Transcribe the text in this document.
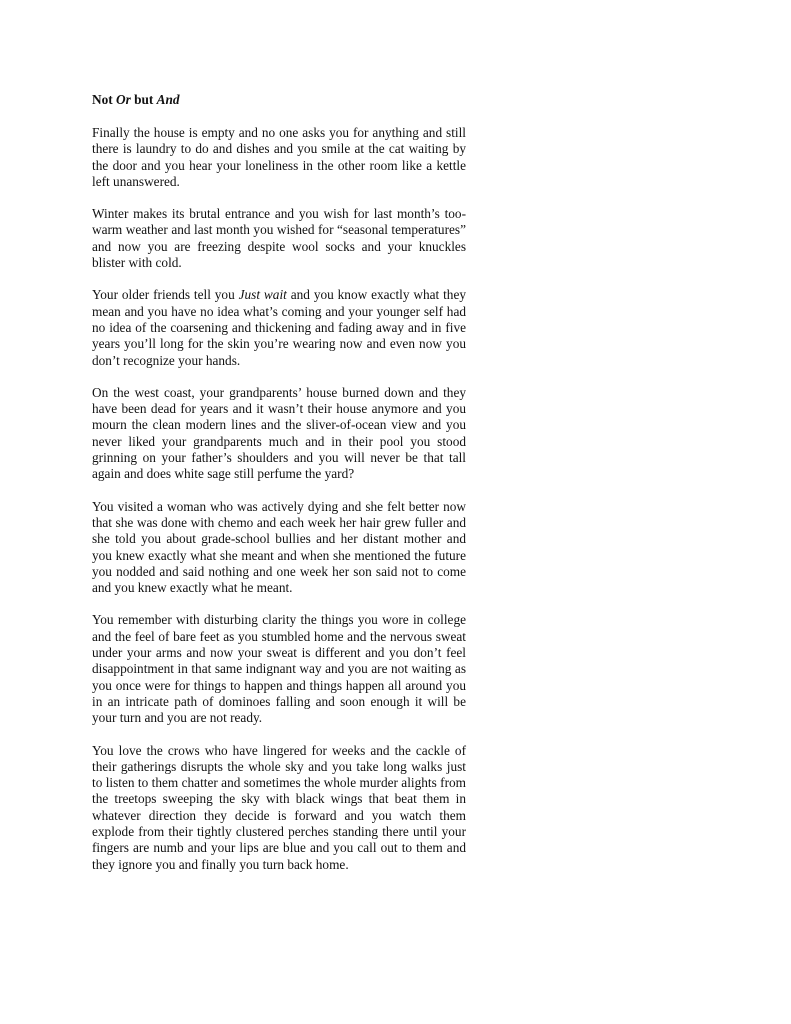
Not Or but And

Finally the house is empty and no one asks you for anything and still there is laundry to do and dishes and you smile at the cat waiting by the door and you hear your loneliness in the other room like a kettle left unanswered.

Winter makes its brutal entrance and you wish for last month’s too-warm weather and last month you wished for “seasonal temperatures” and now you are freezing despite wool socks and your knuckles blister with cold.

Your older friends tell you Just wait and you know exactly what they mean and you have no idea what’s coming and your younger self had no idea of the coarsening and thickening and fading away and in five years you’ll long for the skin you’re wearing now and even now you don’t recognize your hands.

On the west coast, your grandparents’ house burned down and they have been dead for years and it wasn’t their house anymore and you mourn the clean modern lines and the sliver-of-ocean view and you never liked your grandparents much and in their pool you stood grinning on your father’s shoulders and you will never be that tall again and does white sage still perfume the yard?

You visited a woman who was actively dying and she felt better now that she was done with chemo and each week her hair grew fuller and she told you about grade-school bullies and her distant mother and you knew exactly what she meant and when she mentioned the future you nodded and said nothing and one week her son said not to come and you knew exactly what he meant.

You remember with disturbing clarity the things you wore in college and the feel of bare feet as you stumbled home and the nervous sweat under your arms and now your sweat is different and you don’t feel disappointment in that same indignant way and you are not waiting as you once were for things to happen and things happen all around you in an intricate path of dominoes falling and soon enough it will be your turn and you are not ready.

You love the crows who have lingered for weeks and the cackle of their gatherings disrupts the whole sky and you take long walks just to listen to them chatter and sometimes the whole murder alights from the treetops sweeping the sky with black wings that beat them in whatever direction they decide is forward and you watch them explode from their tightly clustered perches standing there until your fingers are numb and your lips are blue and you call out to them and they ignore you and finally you turn back home.
